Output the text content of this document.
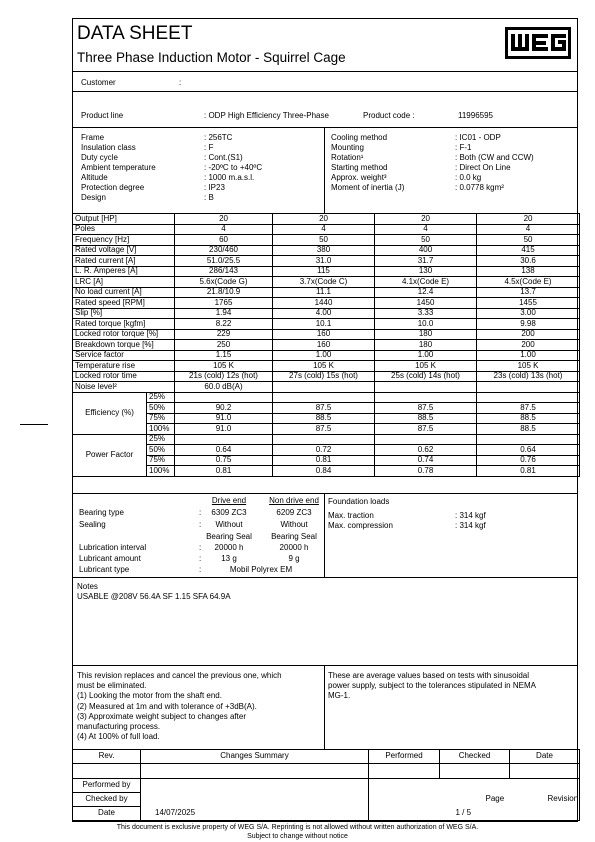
DATA SHEET
Three Phase Induction Motor - Squirrel Cage
Customer	:
Product line	: ODP High Efficiency Three-Phase	Product code :	11996595
Frame	: 256TC
Insulation class	: F
Duty cycle	: Cont.(S1)
Ambient temperature	: -20ºC to +40ºC
Altitude	: 1000 m.a.s.l.
Protection degree	: IP23
Design	: B
Cooling method	: IC01 - ODP
Mounting	: F-1
Rotation¹	: Both (CW and CCW)
Starting method	: Direct On Line
Approx. weight³	: 0.0 kg
Moment of inertia (J)	: 0.0778 kgm²
Output [HP]		20	20	20	20
Poles		4	4	4	4
Frequency [Hz]		60	50	50	50
Rated voltage [V]		230/460	380	400	415
Rated current [A]		51.0/25.5	31.0	31.7	30.6
L. R. Amperes [A]		286/143	115	130	138
LRC [A]		5.6x(Code G)	3.7x(Code C)	4.1x(Code E)	4.5x(Code E)
No load current [A]		21.8/10.9	11.1	12.4	13.7
Rated speed [RPM]		1765	1440	1450	1455
Slip [%]		1.94	4.00	3.33	3.00
Rated torque [kgfm]		8.22	10.1	10.0	9.98
Locked rotor torque [%]		229	160	180	200
Breakdown torque [%]		250	160	180	200
Service factor		1.15	1.00	1.00	1.00
Temperature rise		105 K	105 K	105 K	105 K
Locked rotor time		21s (cold) 12s (hot)	27s (cold) 15s (hot)	25s (cold) 14s (hot)	23s (cold) 13s (hot)
Noise level²		60.0 dB(A)			
Efficiency (%)	25%				
	50%	90.2	87.5	87.5	87.5
	75%	91.0	88.5	88.5	88.5
	100%	91.0	87.5	87.5	88.5
Power Factor	25%				
	50%	0.64	0.72	0.62	0.64
	75%	0.75	0.81	0.74	0.76
	100%	0.81	0.84	0.78	0.81
Drive end	Non drive end
Bearing type	: 6309 ZC3	6209 ZC3
Sealing	: Without	Without
Bearing Seal Bearing Seal
Lubrication interval	: 20000 h	20000 h
Lubricant amount	: 13 g	9 g
Lubricant type	:	Mobil Polyrex EM
Foundation loads
Max. traction	: 314 kgf
Max. compression	: 314 kgf
Notes
USABLE @208V 56.4A SF 1.15 SFA 64.9A
This revision replaces and cancel the previous one, which
must be eliminated.
(1) Looking the motor from the shaft end.
(2) Measured at 1m and with tolerance of +3dB(A).
(3) Approximate weight subject to changes after
manufacturing process.
(4) At 100% of full load.
These are average values based on tests with sinusoidal
power supply, subject to the tolerances stipulated in NEMA
MG-1.
Rev.	Changes Summary	Performed	Checked	Date

Performed by			
Checked by			Page Revision

Date	14/07/2025		1 / 5
This document is exclusive property of WEG S/A. Reprinting is not allowed without written authorization of WEG S/A.
Subject to change without notice
